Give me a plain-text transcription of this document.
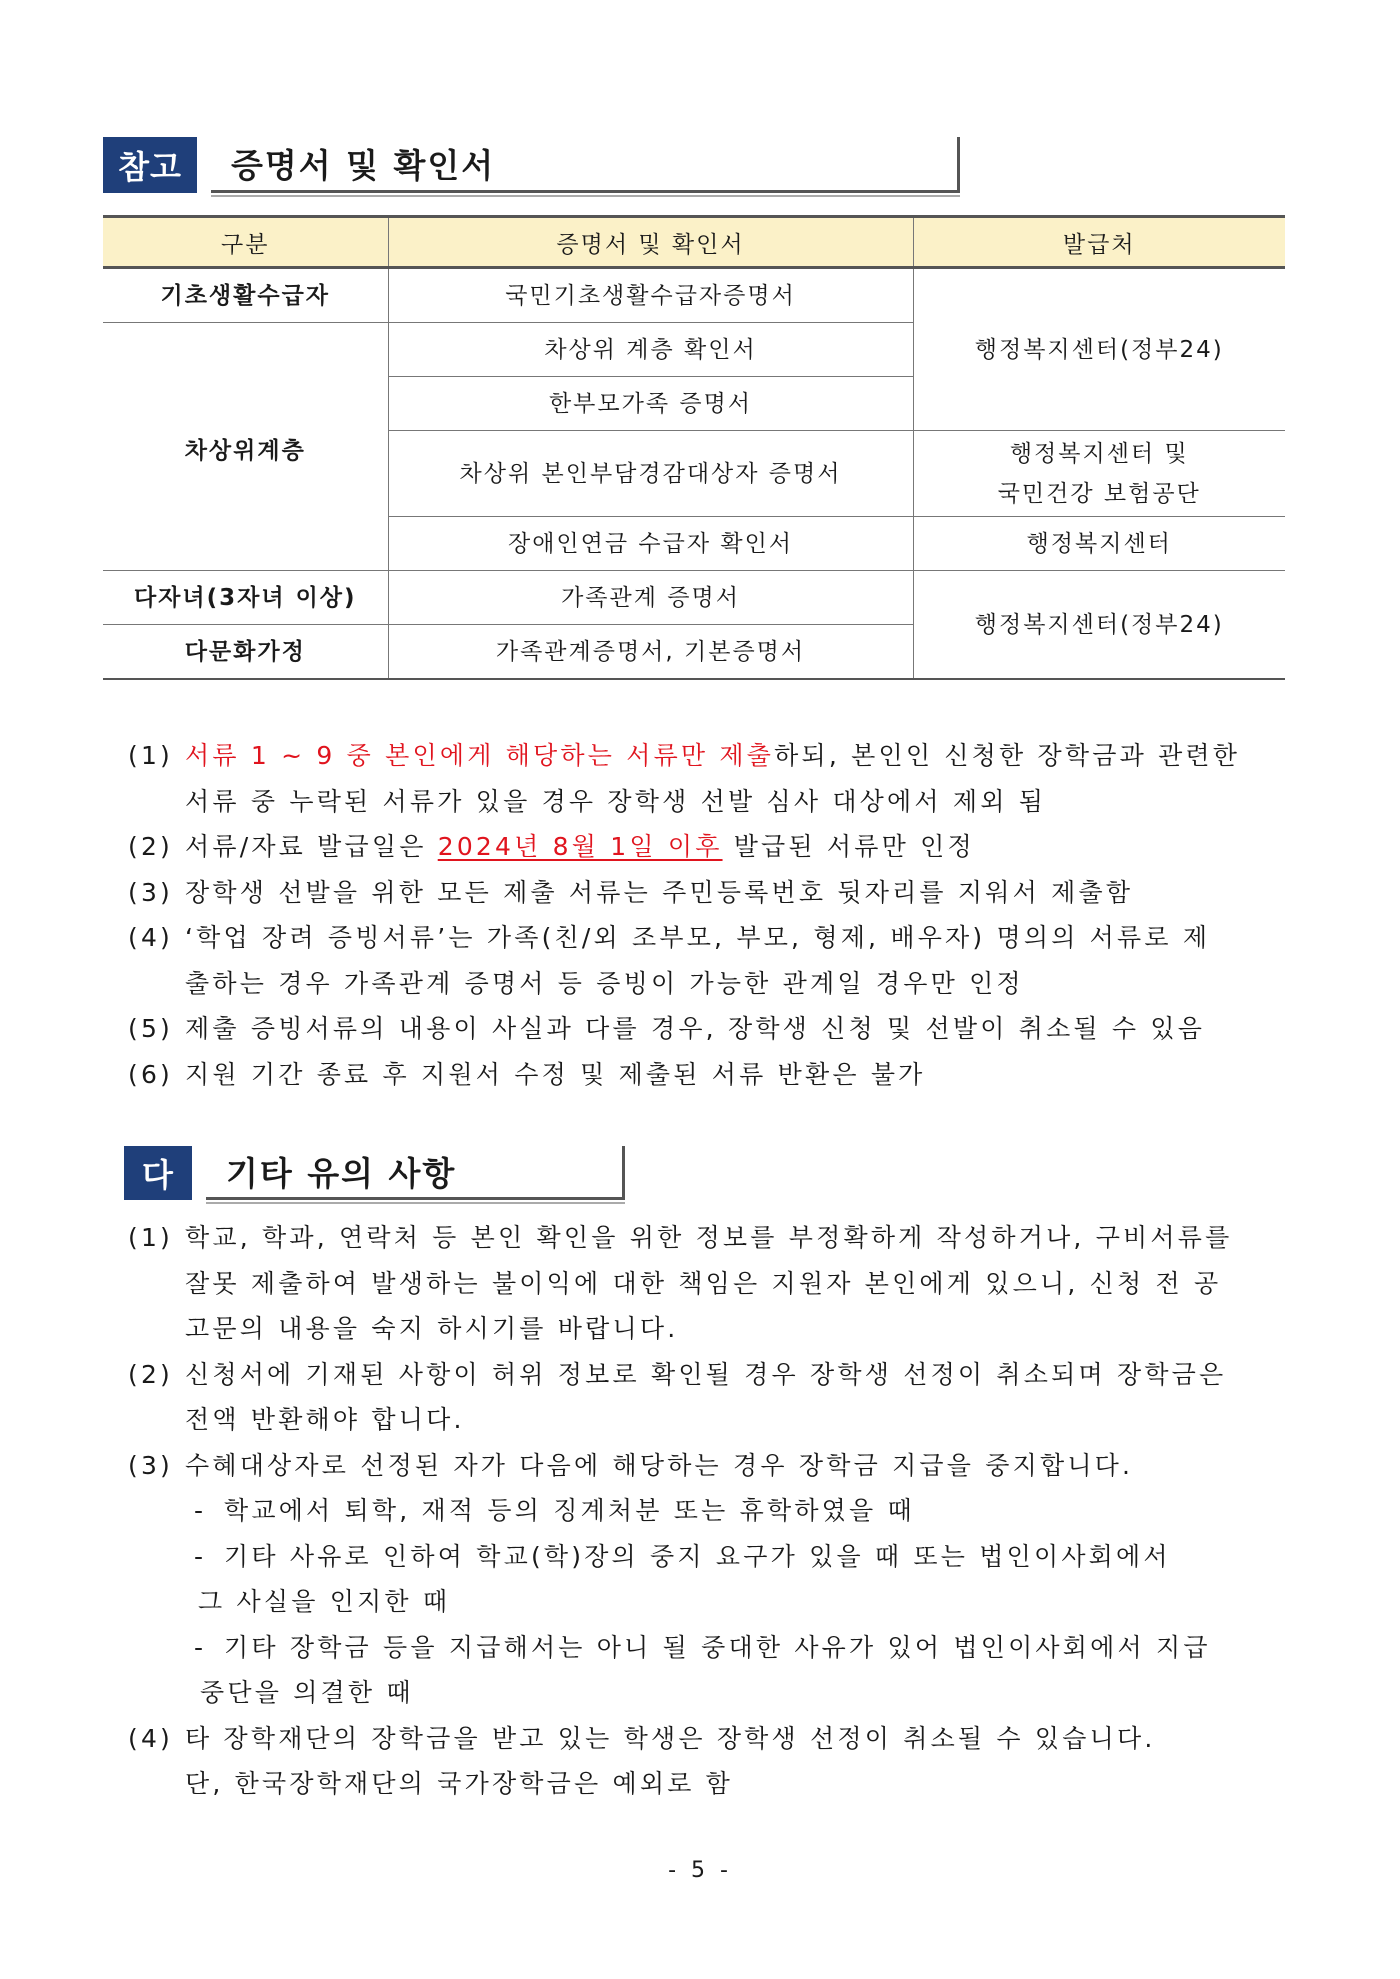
참고	증명서 및 확인서
구분	증명서 및 확인서	발급처
기초생활수급자	국민기초생활수급자증명서	행정복지센터(정부24)
차상위계층	차상위 계층 확인서	
	한부모가족 증명서	
	차상위 본인부담경감대상자 증명서	행정복지센터 및
국민건강 보험공단

	장애인연금 수급자 확인서	행정복지센터
다자녀(3자녀 이상)	가족관계 증명서	행정복지센터(정부24)
다문화가정	가족관계증명서, 기본증명서	
(1) 서류 1 ~ 9 중 본인에게 해당하는 서류만 제출하되, 본인인 신청한 장학금과 관련한
서류 중 누락된 서류가 있을 경우 장학생 선발 심사 대상에서 제외 됨
(2) 서류/자료 발급일은 2024년 8월 1일 이후 발급된 서류만 인정
(3) 장학생 선발을 위한 모든 제출 서류는 주민등록번호 뒷자리를 지워서 제출함
(4) ‘학업 장려 증빙서류’는 가족(친/외 조부모, 부모, 형제, 배우자) 명의의 서류로 제
출하는 경우 가족관계 증명서 등 증빙이 가능한 관계일 경우만 인정
(5) 제출 증빙서류의 내용이 사실과 다를 경우, 장학생 신청 및 선발이 취소될 수 있음
(6) 지원 기간 종료 후 지원서 수정 및 제출된 서류 반환은 불가
다	기타 유의 사항
(1) 학교, 학과, 연락처 등 본인 확인을 위한 정보를 부정확하게 작성하거나, 구비서류를
잘못 제출하여 발생하는 불이익에 대한 책임은 지원자 본인에게 있으니, 신청 전 공
고문의 내용을 숙지 하시기를 바랍니다.
(2) 신청서에 기재된 사항이 허위 정보로 확인될 경우 장학생 선정이 취소되며 장학금은
전액 반환해야 합니다.
(3) 수혜대상자로 선정된 자가 다음에 해당하는 경우 장학금 지급을 중지합니다.
- 학교에서 퇴학, 재적 등의 징계처분 또는 휴학하였을 때
- 기타 사유로 인하여 학교(학)장의 중지 요구가 있을 때 또는 법인이사회에서
그 사실을 인지한 때
- 기타 장학금 등을 지급해서는 아니 될 중대한 사유가 있어 법인이사회에서 지급
중단을 의결한 때
(4) 타 장학재단의 장학금을 받고 있는 학생은 장학생 선정이 취소될 수 있습니다.
단, 한국장학재단의 국가장학금은 예외로 함
- 5 -
